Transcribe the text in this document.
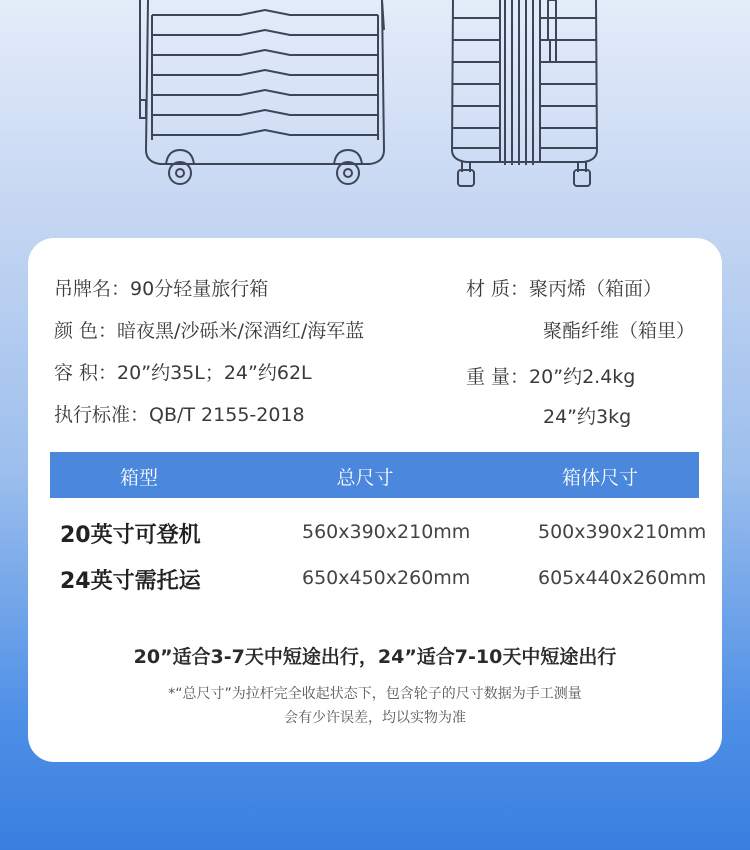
吊牌名：90分轻量旅行箱
颜 色：暗夜黑/沙砾米/深酒红/海军蓝
容 积：20”约35L；24”约62L
执行标准：QB/T 2155-2018
材 质：聚丙烯（箱面）
聚酯纤维（箱里）
重 量：20”约2.4kg
24”约3kg
箱型	总尺寸	箱体尺寸
20英寸可登机	560x390x210mm	500x390x210mm
24英寸需托运	650x450x260mm	605x440x260mm
20”适合3-7天中短途出行，24”适合7-10天中短途出行
*“总尺寸”为拉杆完全收起状态下，包含轮子的尺寸数据为手工测量
会有少许误差，均以实物为准
